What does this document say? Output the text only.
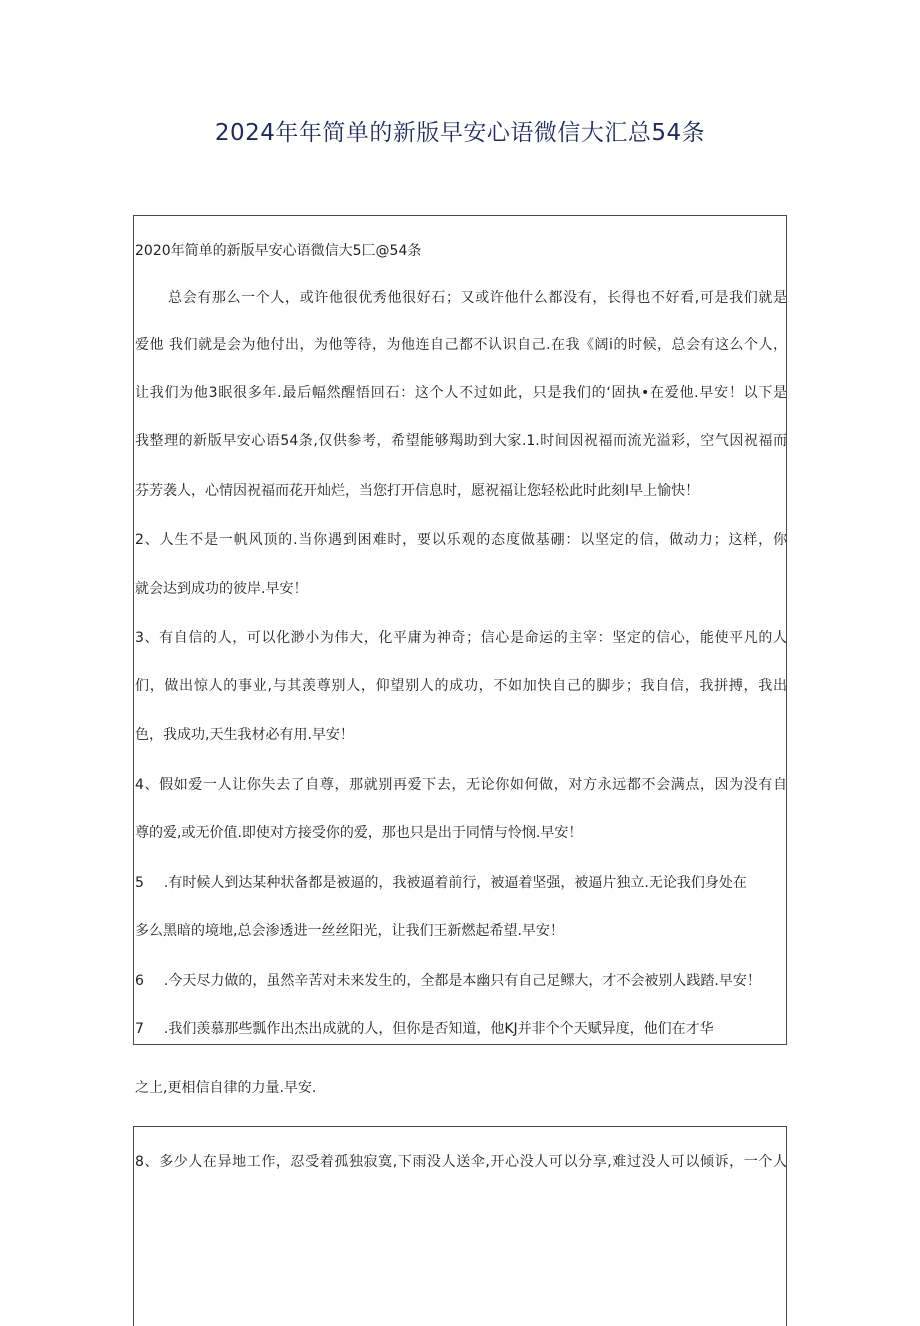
2024年年简单的新版早安心语微信大汇总54条
2020年简单的新版早安心语微信大5匚@54条
总会有那么一个人，或许他很优秀他很好石；又或许他什么都没有，长得也不好看,可是我们就是
爱他 我们就是会为他付出，为他等待，为他连自己都不认识自己.在我《阔i的时候，总会有这么个人，
让我们为他3眠很多年.最后幅然醒悟回石：这个人不过如此，只是我们的‘固执•在爱他.早安！以下是
我整理的新版早安心语54条,仅供参考，希望能够羯助到大家.1.时间因祝福而流光溢彩，空气因祝福而
芬芳袭人，心情因祝福而花开灿烂，当您打开信息时，愿祝福让您轻松此时此刻I早上愉快！
2、人生不是一帆风顶的.当你遇到困难时，要以乐观的态度做基硼：以坚定的信，做动力；这样，你
就会达到成功的彼岸.早安！
3、有自信的人，可以化渺小为伟大，化平庸为神奇；信心是命运的主宰：坚定的信心，能使平凡的人
们，做出惊人的事业,与其羡尊别人，仰望别人的成功，不如加快自己的脚步；我自信，我拼搏，我出
色，我成功,天生我材必有用.早安！
4、假如爱一人让你失去了自尊，那就别再爱下去，无论你如何做，对方永远都不会满点，因为没有自
尊的爱,或无价值.即使对方接受你的爱，那也只是出于同情与怜悯.早安！
5 .有时候人到达某种状备都是被逼的，我被逼着前行，被逼着坚强，被逼片独立.无论我们身处在
多么黑暗的境地,总会渗透进一丝丝阳光，让我们王新燃起希望.早安！
6 .今天尽力做的，虽然辛苦对未来发生的，全都是本幽只有自己足鳏大，才不会被别人践踏.早安！
7 .我们羡慕那些瓢作出杰出成就的人，但你是否知道，他KJ并非个个天赋异度，他们在才华
之上,更相信自律的力量.早安.
8、多少人在异地工作，忍受着孤独寂寞,下雨没人送伞,开心没人可以分享,难过没人可以倾诉，一个人
